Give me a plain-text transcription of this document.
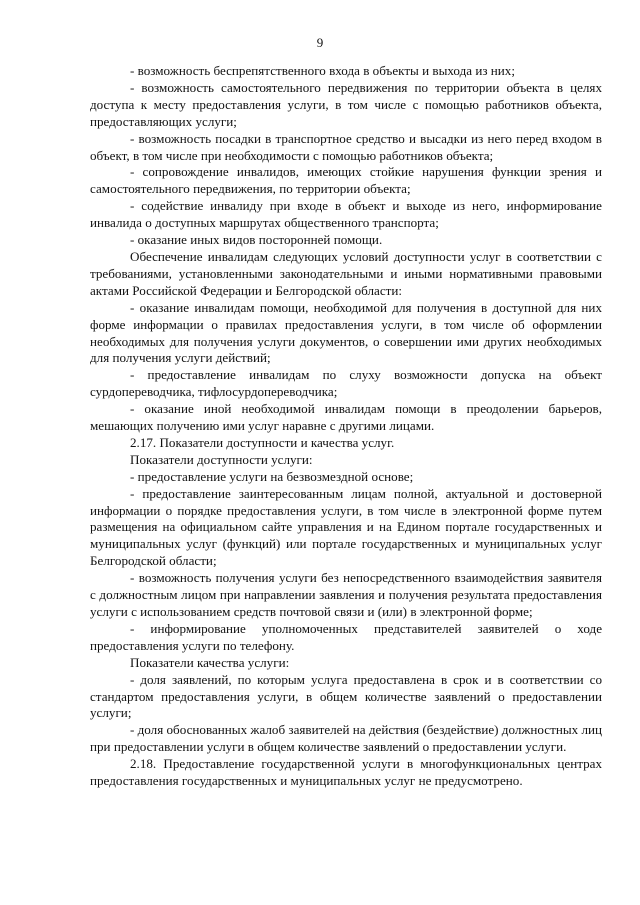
9

- возможность беспрепятственного входа в объекты и выхода из них;

- возможность самостоятельного передвижения по территории объекта в целях доступа к месту предоставления услуги, в том числе с помощью работников объекта, предоставляющих услуги;

- возможность посадки в транспортное средство и высадки из него перед входом в объект, в том числе при необходимости с помощью работников объекта;

- сопровождение инвалидов, имеющих стойкие нарушения функции зрения и самостоятельного передвижения, по территории объекта;

- содействие инвалиду при входе в объект и выходе из него, информирование инвалида о доступных маршрутах общественного транспорта;

- оказание иных видов посторонней помощи.

Обеспечение инвалидам следующих условий доступности услуг в соответствии с требованиями, установленными законодательными и иными нормативными правовыми актами Российской Федерации и Белгородской области:

- оказание инвалидам помощи, необходимой для получения в доступной для них форме информации о правилах предоставления услуги, в том числе об оформлении необходимых для получения услуги документов, о совершении ими других необходимых для получения услуги действий;

- предоставление инвалидам по слуху возможности допуска на объект сурдопереводчика, тифлосурдопереводчика;

- оказание иной необходимой инвалидам помощи в преодолении барьеров, мешающих получению ими услуг наравне с другими лицами.

2.17. Показатели доступности и качества услуг.

Показатели доступности услуги:

- предоставление услуги на безвозмездной основе;

- предоставление заинтересованным лицам полной, актуальной и достоверной информации о порядке предоставления услуги, в том числе в электронной форме путем размещения на официальном сайте управления и на Едином портале государственных и муниципальных услуг (функций) или портале государственных и муниципальных услуг Белгородской области;

- возможность получения услуги без непосредственного взаимодействия заявителя с должностным лицом при направлении заявления и получения результата предоставления услуги с использованием средств почтовой связи и (или) в электронной форме;

- информирование уполномоченных представителей заявителей о ходе предоставления услуги по телефону.

Показатели качества услуги:

- доля заявлений, по которым услуга предоставлена в срок и в соответствии со стандартом предоставления услуги, в общем количестве заявлений о предоставлении услуги;

- доля обоснованных жалоб заявителей на действия (бездействие) должностных лиц при предоставлении услуги в общем количестве заявлений о предоставлении услуги.

2.18. Предоставление государственной услуги в многофункциональных центрах предоставления государственных и муниципальных услуг не предусмотрено.
